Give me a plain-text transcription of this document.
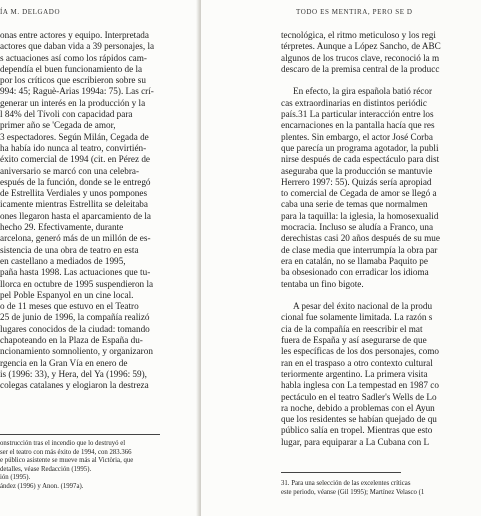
ÍA M. DELGADO
onas entre actores y equipo. Interpretada
actores que daban vida a 39 personajes, la
s actuaciones así como los rápidos cam-
dependía el buen funcionamiento de la
por los críticos que escribieron sobre su
994: 45; Raguè-Arias 1994a: 75). Las crí-
generar un interés en la producción y la
l 84% del Tívoli con capacidad para
primer año se 'Cegada de amor,
3 espectadores. Según Milán, Cegada de
ha había ido nunca al teatro, convirtién-
éxito comercial de 1994 (cit. en Pérez de
aniversario se marcó con una celebra-
espués de la función, donde se le entregó
de Estrellita Verdiales y unos pompones
icamente mientras Estrellita se deleitaba
ones llegaron hasta el aparcamiento de la
hecho 29. Efectivamente, durante
arcelona, generó más de un millón de es-
sistencia de una obra de teatro en esta
en castellano a mediados de 1995,
paña hasta 1998. Las actuaciones que tu-
llorca en octubre de 1995 suspendieron la
pel Poble Espanyol en un cine local.
o de 11 meses que estuvo en el Teatro
25 de junio de 1996, la compañía realizó
lugares conocidos de la ciudad: tomando
chapoteando en la Plaza de España du-
ncionamiento somnoliento, y organizaron
rgencia en la Gran Vía en enero de
is (1996: 33), y Hera, del Ya (1996: 59),
colegas catalanes y elogiaron la destreza
onstrucción tras el incendio que lo destruyó el
ser el teatro con más éxito de 1994, con 283.366
e público asistente se mueve más al Victòria, que
detalles, véase Redacción (1995).
ión (1995).
ández (1996) y Anon. (1997a).
TODO ES MENTIRA, PERO SE D
tecnológica, el ritmo meticuloso y los regi
térpretes. Aunque a López Sancho, de ABC
algunos de los trucos clave, reconoció la m
descaro de la premisa central de la producc
En efecto, la gira española batió récor
cas extraordinarias en distintos periódic
país.31 La particular interacción entre los
encarnaciones en la pantalla hacía que res
plentes. Sin embargo, el actor José Corba
que parecía un programa agotador, la publi
nirse después de cada espectáculo para dist
aseguraba que la producción se mantuvie
Herrero 1997: 55). Quizás sería apropiad
to comercial de Cegada de amor se llegó a
caba una serie de temas que normalmen
para la taquilla: la iglesia, la homosexualid
mocracia. Incluso se aludía a Franco, una
derechistas casi 20 años después de su mue
de clase media que interrumpía la obra par
era en catalán, no se llamaba Paquito pe
ba obsesionado con erradicar los idioma
tentaba un fino bigote.
A pesar del éxito nacional de la produ
cional fue solamente limitada. La razón s
cia de la compañía en reescribir el mat
fuera de España y así asegurarse de que
les específicas de los dos personajes, como
ran en el traspaso a otro contexto cultural
teriormente argentino. La primera visita
habla inglesa con La tempestad en 1987 co
pectáculo en el teatro Sadler's Wells de Lo
ra noche, debido a problemas con el Ayun
que los residentes se habían quejado de qu
público salía en tropel. Mientras que esto
lugar, para equiparar a La Cubana con L
31. Para una selección de las excelentes críticas
este periodo, véanse (Gil 1995); Martínez Velasco (1
